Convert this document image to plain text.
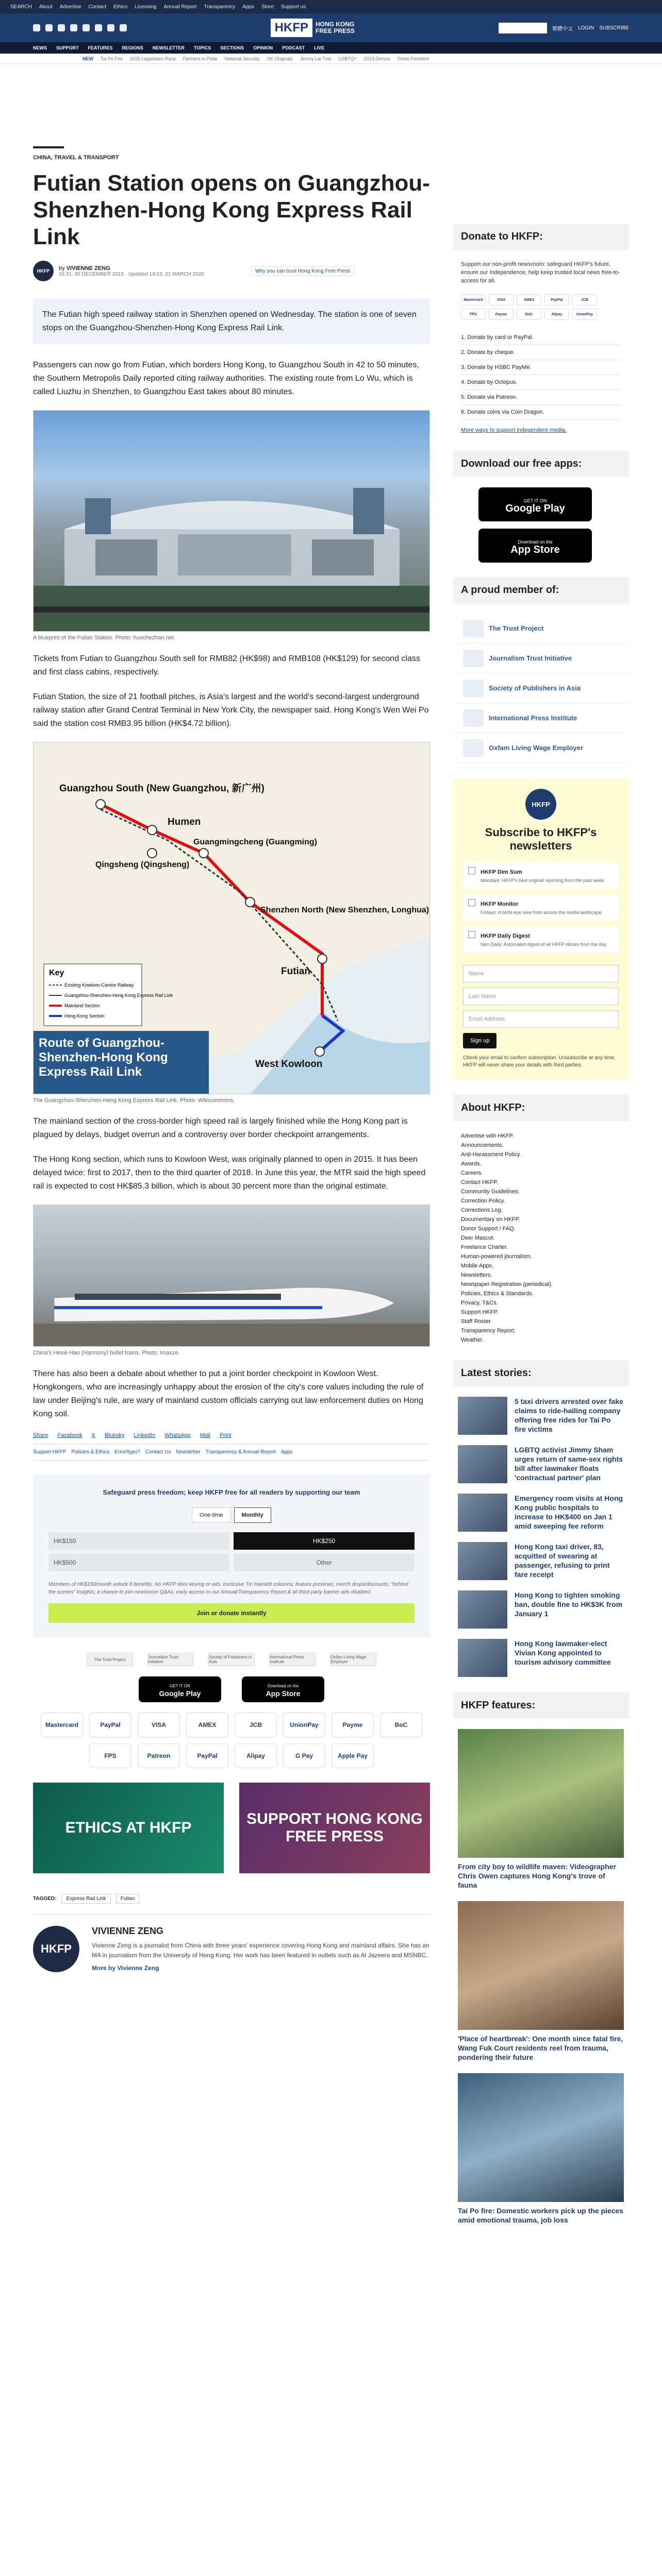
SEARCH About Advertise Contact Ethics Licensing Annual Report Transparency Apps Store Support us
HKFP	HONG KONG
FREE PRESS	SUPPORT HKFP	繁體中文 LOGIN SUBSCRIBE
NEWS SUPPORT FEATURES REGIONS NEWSLETTER TOPICS SECTIONS OPINION PODCAST LIVE
NEW Tai Po Fire 2025 Legislative Race Partners in Pride National Security HK Originals Jimmy Lai Trial LGBTQ+ 2019 Demos Press Freedom
CHINA, TRAVEL & TRANSPORT
Futian Station opens on Guangzhou-Shenzhen-Hong Kong Express Rail Link
HKFP	by VIVIENNE ZENG
16:31, 30 DECEMBER 2015 · Updated 19:13, 21 MARCH 2020
Why you can trust Hong Kong Free Press
The Futian high speed railway station in Shenzhen opened on Wednesday. The station is one of seven stops on the Guangzhou-Shenzhen-Hong Kong Express Rail Link.

Passengers can now go from Futian, which borders Hong Kong, to Guangzhou South in 42 to 50 minutes, the Southern Metropolis Daily reported citing railway authorities. The existing route from Lo Wu, which is called Liuzhu in Shenzhen, to Guangzhou East takes about 80 minutes.

A blueprint of the Futian Station. Photo: huochezhan.net.

Tickets from Futian to Guangzhou South sell for RMB82 (HK$98) and RMB108 (HK$129) for second class and first class cabins, respectively.

Futian Station, the size of 21 football pitches, is Asia's largest and the world's second-largest underground railway station after Grand Central Terminal in New York City, the newspaper said. Hong Kong's Wen Wei Po said the station cost RMB3.95 billion (HK$4.72 billion).

Guangzhou South (New Guangzhou, 新广州)
Humen
Qingsheng (Qingsheng)
Guangmingcheng (Guangming)
Shenzhen North (New Shenzhen, Longhua)
Futian
West Kowloon
Key
Existing Kowloon-Canton Railway
Guangzhou-Shenzhen-Hong Kong Express Rail Link
Mainland Section
Hong Kong Section
Route of Guangzhou-Shenzhen-Hong Kong Express Rail Link
The Guangzhou-Shenzhen-Hong Kong Express Rail Link. Photo: Wikicommons.

The mainland section of the cross-border high speed rail is largely finished while the Hong Kong part is plagued by delays, budget overrun and a controversy over border checkpoint arrangements.

The Hong Kong section, which runs to Kowloon West, was originally planned to open in 2015. It has been delayed twice: first to 2017, then to the third quarter of 2018. In June this year, the MTR said the high speed rail is expected to cost HK$85.3 billion, which is about 30 percent more than the original estimate.

China's Hexie Hao (Harmony) bullet trains. Photo: Imaxze.

There has also been a debate about whether to put a joint border checkpoint in Kowloon West. Hongkongers, who are increasingly unhappy about the erosion of the city's core values including the rule of law under Beijing's rule, are wary of mainland custom officials carrying out law enforcement duties on Hong Kong soil.

Share Facebook X Bluesky LinkedIn WhatsApp Mail Print
Support HKFP Policies & Ethics Error/typo? Contact Us Newsletter Transparency & Annual Report Apps
Safeguard press freedom; keep HKFP free for all readers by supporting our team
One-time	Monthly
HK$150	HK$250
HK$500	Other
Members of HK$150/month unlock 8 benefits: No HKFP door-keying or ads; exclusive Tin Hamlett columns; feature previews; merch drops/discounts; "behind the scenes" insights; a chance to join newsroom Q&As; early access to our Annual/Transparency Report & all third-party banner ads disabled.
Join or donate instantly
The Trust Project	Journalism Trust Initiative
Society of Publishers in Asia
International Press Institute
Oxfam Living Wage Employer
GET IT ON
Google Play
Download on the
App Store
Mastercard	PayPal	VISA	AMEX	JCB	UnionPay	Payme	BoC
FPS	Patreon	PayPal	Alipay	G Pay	Apple Pay
ETHICS AT HKFP
SUPPORT HONG KONG FREE PRESS
TAGGED:	Express Rail Link	Futian
HKFP
VIVIENNE ZENG
Vivienne Zeng is a journalist from China with three years' experience covering Hong Kong and mainland affairs. She has an MA in journalism from the University of Hong Kong. Her work has been featured in outlets such as Al Jazeera and MSNBC.
More by Vivienne Zeng
Donate to HKFP:
Support our non-profit newsroom: safeguard HKFP's future, ensure our independence, help keep trusted local news free-to-access for all.
Mastercard	VISA	AMEX	PayPal	JCB
FPS	Payme	BoC	Alipay	UnionPay
1. Donate by card or PayPal.
2. Donate by cheque.
3. Donate by HSBC PayMe.
4. Donate by Octopus.
5. Donate via Patreon.
6. Donate coins via Coin Dragon.
More ways to support independent media.
Download our free apps:
GET IT ON
Google Play
Download on the
App Store
A proud member of:
The Trust Project
Journalism Trust Initiative
Society of Publishers in Asia
International Press Institute
Oxfam Living Wage Employer
HKFP
Subscribe to HKFP's newsletters
HKFP Dim Sum

Mondays: HKFP's best original reporting from the past week.

HKFP Monitor

Fridays: A birds-eye view from across the media landscape.

HKFP Daily Digest

9am Daily: Automated digest of all HKFP stories from the day.

Name
Last Name
Email Address
Sign up
Check your email to confirm subscription. Unsubscribe at any time. HKFP will never share your details with third parties.
About HKFP:
Advertise with HKFP.
Announcements.
Anti-Harassment Policy.
Awards.
Careers.
Contact HKFP.
Community Guidelines.
Correction Policy.
Corrections Log.
Documentary on HKFP.
Donor Support / FAQ.
Deer Mascot.
Freelance Charter.
Human-powered journalism.
Mobile Apps.
Newsletters.
Newspaper Registration (periodical).
Policies, Ethics & Standards.
Privacy, T&Cs.
Support HKFP.
Staff Roster.
Transparency Report.
Weather.
Latest stories:
5 taxi drivers arrested over fake claims to ride-hailing company offering free rides for Tai Po fire victims
LGBTQ activist Jimmy Sham urges return of same-sex rights bill after lawmaker floats 'contractual partner' plan
Emergency room visits at Hong Kong public hospitals to increase to HK$400 on Jan 1 amid sweeping fee reform
Hong Kong taxi driver, 83, acquitted of swearing at passenger, refusing to print fare receipt
Hong Kong to tighten smoking ban, double fine to HK$3K from January 1
Hong Kong lawmaker-elect Vivian Kong appointed to tourism advisory committee
HKFP features:
From city boy to wildlife maven: Videographer Chris Owen captures Hong Kong's trove of fauna
'Place of heartbreak': One month since fatal fire, Wang Fuk Court residents reel from trauma, pondering their future
Tai Po fire: Domestic workers pick up the pieces amid emotional trauma, job loss
